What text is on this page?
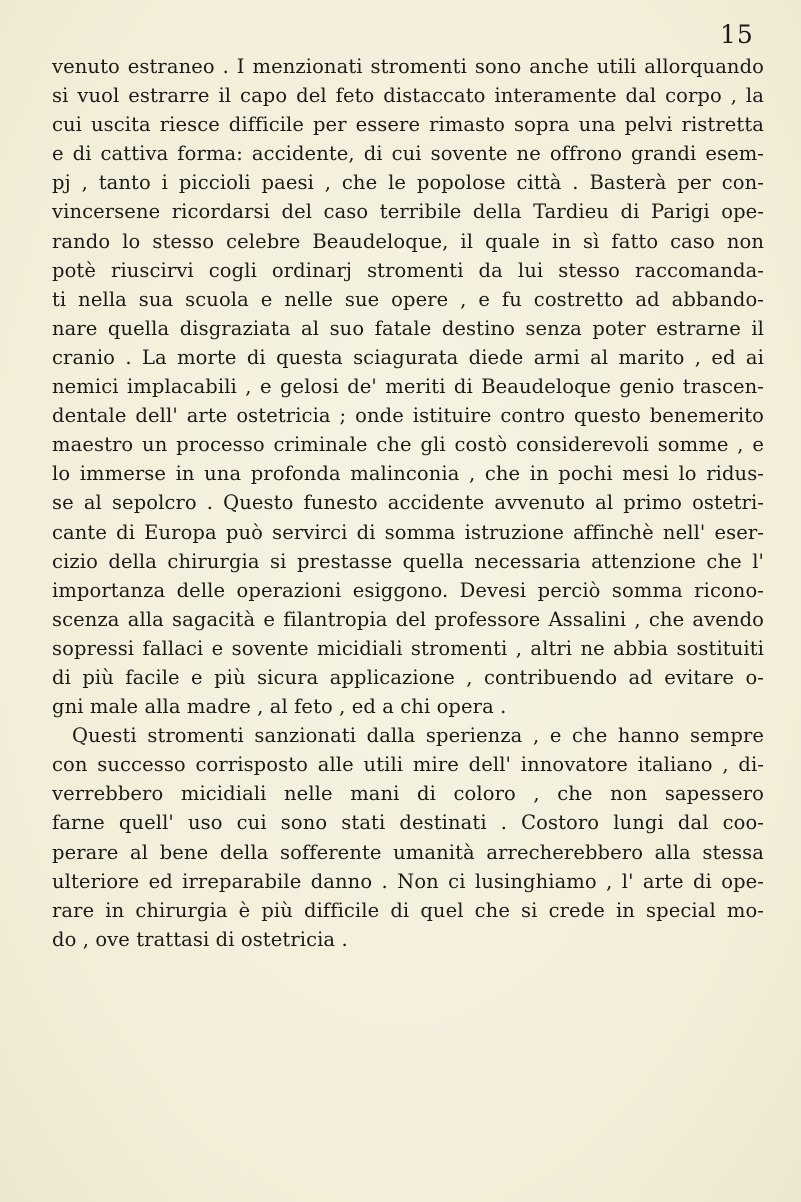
15
venuto estraneo . I menzionati stromenti sono anche utili allorquando
si vuol estrarre il capo del feto distaccato interamente dal corpo , la
cui uscita riesce difficile per essere rimasto sopra una pelvi ristretta
e di cattiva forma: accidente, di cui sovente ne offrono grandi esem-
pj , tanto i piccioli paesi , che le popolose città . Basterà per con-
vincersene ricordarsi del caso terribile della Tardieu di Parigi ope-
rando lo stesso celebre Beaudeloque, il quale in sì fatto caso non
potè riuscirvi cogli ordinarj stromenti da lui stesso raccomanda-
ti nella sua scuola e nelle sue opere , e fu costretto ad abbando-
nare quella disgraziata al suo fatale destino senza poter estrarne il
cranio . La morte di questa sciagurata diede armi al marito , ed ai
nemici implacabili , e gelosi de' meriti di Beaudeloque genio trascen-
dentale dell' arte ostetricia ; onde istituire contro questo benemerito
maestro un processo criminale che gli costò considerevoli somme , e
lo immerse in una profonda malinconia , che in pochi mesi lo ridus-
se al sepolcro . Questo funesto accidente avvenuto al primo ostetri-
cante di Europa può servirci di somma istruzione affinchè nell' eser-
cizio della chirurgia si prestasse quella necessaria attenzione che l'
importanza delle operazioni esiggono. Devesi perciò somma ricono-
scenza alla sagacità e filantropia del professore Assalini , che avendo
sopressi fallaci e sovente micidiali stromenti , altri ne abbia sostituiti
di più facile e più sicura applicazione , contribuendo ad evitare o-
gni male alla madre , al feto , ed a chi opera .
Questi stromenti sanzionati dalla sperienza , e che hanno sempre
con successo corrisposto alle utili mire dell' innovatore italiano , di-
verrebbero micidiali nelle mani di coloro , che non sapessero
farne quell' uso cui sono stati destinati . Costoro lungi dal coo-
perare al bene della sofferente umanità arrecherebbero alla stessa
ulteriore ed irreparabile danno . Non ci lusinghiamo , l' arte di ope-
rare in chirurgia è più difficile di quel che si crede in special mo-
do , ove trattasi di ostetricia .
